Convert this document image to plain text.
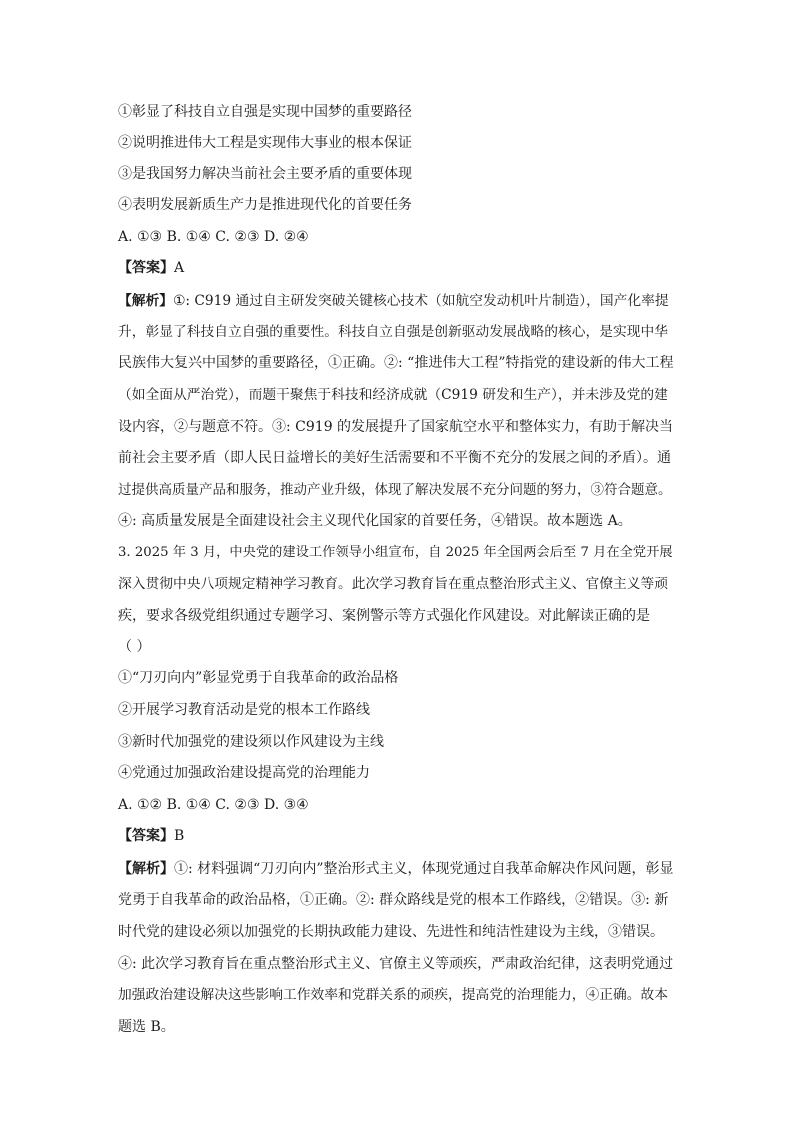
①彰显了科技自立自强是实现中国梦的重要路径
②说明推进伟大工程是实现伟大事业的根本保证
③是我国努力解决当前社会主要矛盾的重要体现
④表明发展新质生产力是推进现代化的首要任务
A. ①③ B. ①④ C. ②③ D. ②④
【答案】A
【解析】①: C919 通过自主研发突破关键核心技术（如航空发动机叶片制造），国产化率提
升，彰显了科技自立自强的重要性。科技自立自强是创新驱动发展战略的核心，是实现中华
民族伟大复兴中国梦的重要路径，①正确。②: “推进伟大工程”特指党的建设新的伟大工程
（如全面从严治党），而题干聚焦于科技和经济成就（C919 研发和生产），并未涉及党的建
设内容，②与题意不符。③: C919 的发展提升了国家航空水平和整体实力，有助于解决当
前社会主要矛盾（即人民日益增长的美好生活需要和不平衡不充分的发展之间的矛盾）。通
过提供高质量产品和服务，推动产业升级，体现了解决发展不充分问题的努力，③符合题意。
④: 高质量发展是全面建设社会主义现代化国家的首要任务，④错误。故本题选 A。
3. 2025 年 3 月，中央党的建设工作领导小组宣布，自 2025 年全国两会后至 7 月在全党开展
深入贯彻中央八项规定精神学习教育。此次学习教育旨在重点整治形式主义、官僚主义等顽
疾，要求各级党组织通过专题学习、案例警示等方式强化作风建设。对此解读正确的是
（ ）
①“刀刃向内”彰显党勇于自我革命的政治品格
②开展学习教育活动是党的根本工作路线
③新时代加强党的建设须以作风建设为主线
④党通过加强政治建设提高党的治理能力
A. ①② B. ①④ C. ②③ D. ③④
【答案】B
【解析】①: 材料强调“刀刃向内”整治形式主义，体现党通过自我革命解决作风问题，彰显
党勇于自我革命的政治品格，①正确。②: 群众路线是党的根本工作路线，②错误。③: 新
时代党的建设必须以加强党的长期执政能力建设、先进性和纯洁性建设为主线，③错误。
④: 此次学习教育旨在重点整治形式主义、官僚主义等顽疾，严肃政治纪律，这表明党通过
加强政治建设解决这些影响工作效率和党群关系的顽疾，提高党的治理能力，④正确。故本
题选 B。
